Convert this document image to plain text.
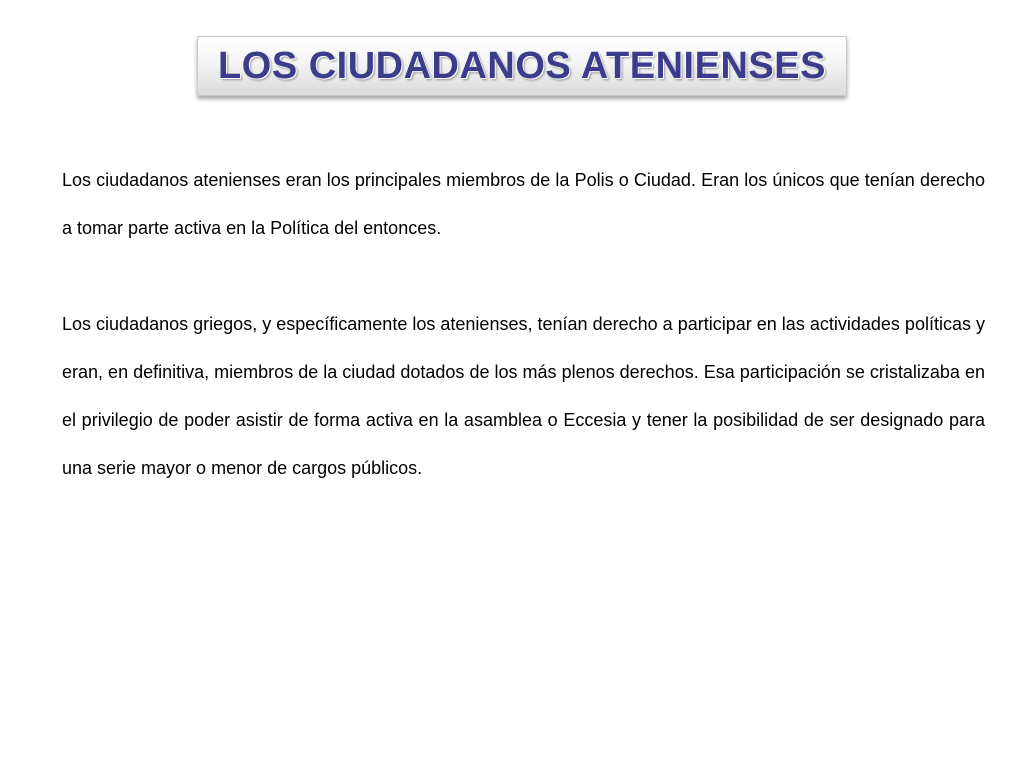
LOS CIUDADANOS ATENIENSES

Los ciudadanos atenienses eran los principales miembros de la Polis o Ciudad. Eran los únicos que tenían derecho a tomar parte activa en la Política del entonces.

Los ciudadanos griegos, y específicamente los atenienses, tenían derecho a participar en las actividades políticas y eran, en definitiva, miembros de la ciudad dotados de los más plenos derechos. Esa participación se cristalizaba en el privilegio de poder asistir de forma activa en la asamblea o Eccesia y tener la posibilidad de ser designado para una serie mayor o menor de cargos públicos.
